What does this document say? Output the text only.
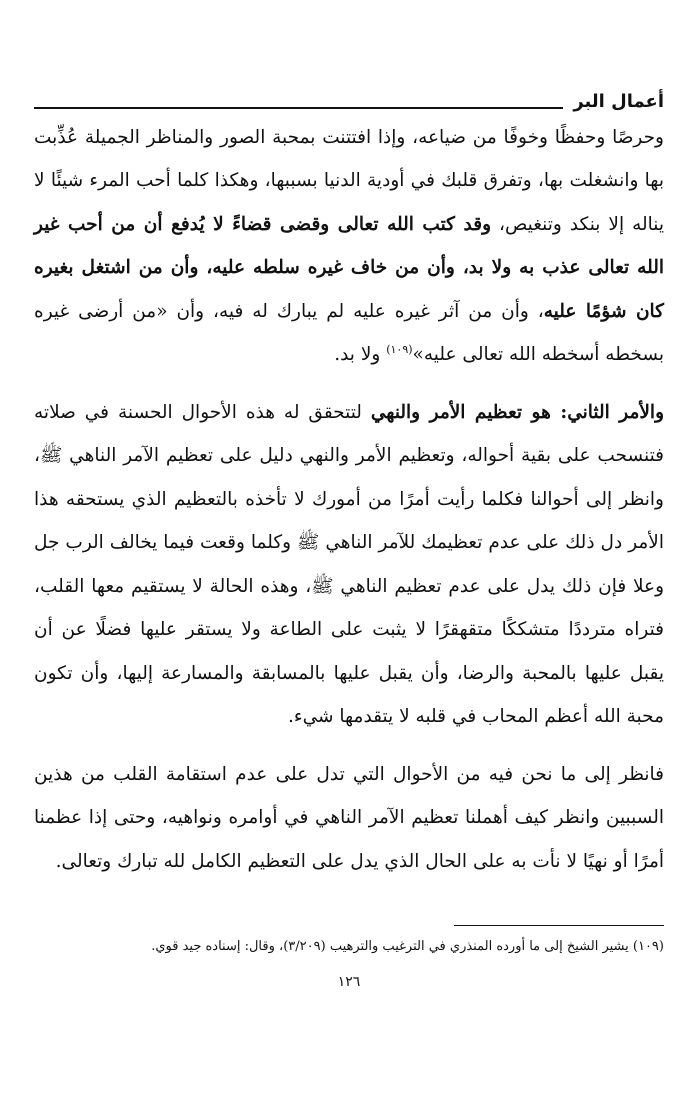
أعمال البر

وحرصًا وحفظًا وخوفًا من ضياعه، وإذا افتتنت بمحبة الصور والمناظر الجميلة عُذِّبت بها وانشغلت بها، وتفرق قلبك في أودية الدنيا بسببها، وهكذا كلما أحب المرء شيئًا لا يناله إلا بنكد وتنغيص، وقد كتب الله تعالى وقضى قضاءً لا يُدفع أن من أحب غير الله تعالى عذب به ولا بد، وأن من خاف غيره سلطه عليه، وأن من اشتغل بغيره كان شؤمًا عليه، وأن من آثر غيره عليه لم يبارك له فيه، وأن «من أرضى غيره بسخطه أسخطه الله تعالى عليه»$^{(١٠٩)}$ ولا بد.

والأمر الثاني: هو تعظيم الأمر والنهي لتتحقق له هذه الأحوال الحسنة في صلاته فتنسحب على بقية أحواله، وتعظيم الأمر والنهي دليل على تعظيم الآمر الناهي ﷺ، وانظر إلى أحوالنا فكلما رأيت أمرًا من أمورك لا تأخذه بالتعظيم الذي يستحقه هذا الأمر دل ذلك على عدم تعظيمك للآمر الناهي ﷺ وكلما وقعت فيما يخالف الرب جل وعلا فإن ذلك يدل على عدم تعظيم الناهي ﷺ، وهذه الحالة لا يستقيم معها القلب، فتراه مترددًا متشككًا متقهقرًا لا يثبت على الطاعة ولا يستقر عليها فضلًا عن أن يقبل عليها بالمحبة والرضا، وأن يقبل عليها بالمسابقة والمسارعة إليها، وأن تكون محبة الله أعظم المحاب في قلبه لا يتقدمها شيء.

فانظر إلى ما نحن فيه من الأحوال التي تدل على عدم استقامة القلب من هذين السببين وانظر كيف أهملنا تعظيم الآمر الناهي في أوامره ونواهيه، وحتى إذا عظمنا أمرًا أو نهيًا لا نأت به على الحال الذي يدل على التعظيم الكامل لله تبارك وتعالى.

(١٠٩) يشير الشيخ إلى ما أورده المنذري في الترغيب والترهيب (٣/٢٠٩)، وقال: إسناده جيد قوي.
١٢٦
